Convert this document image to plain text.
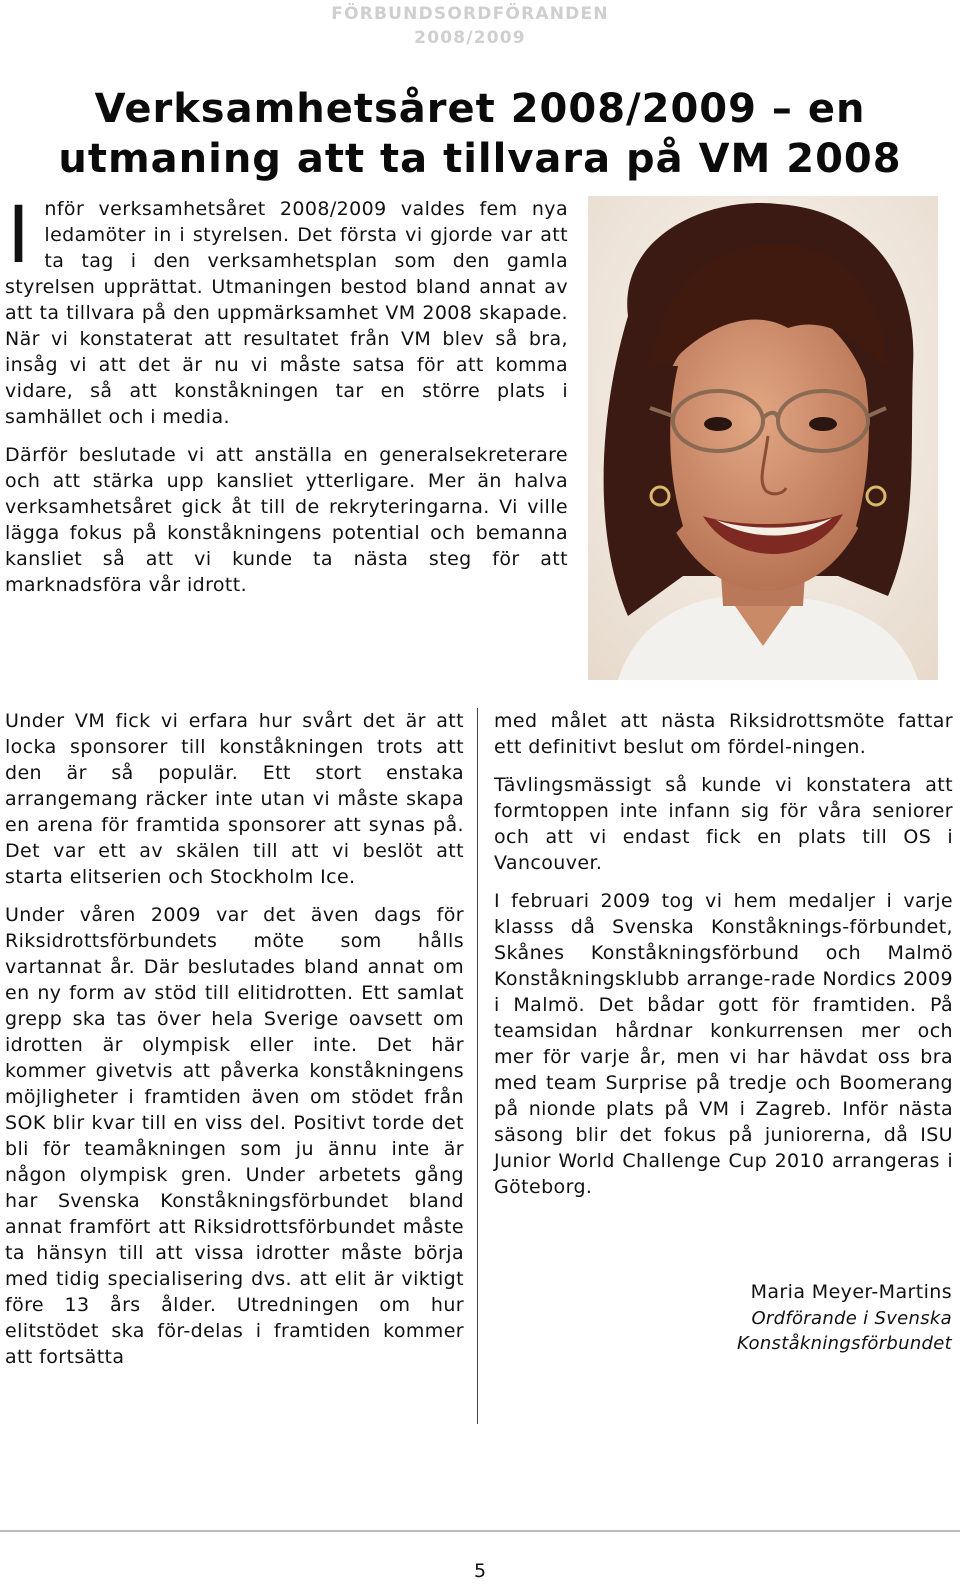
FÖRBUNDSORDFÖRANDEN
2008/2009
Verksamhetsåret 2008/2009 – en
utmaning att ta tillvara på VM 2008

Inför verksamhetsåret 2008/2009 valdes fem nya ledamöter in i styrelsen. Det första vi gjorde var att ta tag i den verksamhetsplan som den gamla styrelsen upprättat. Utmaningen bestod bland annat av att ta tillvara på den uppmärksamhet VM 2008 skapade. När vi konstaterat att resultatet från VM blev så bra, insåg vi att det är nu vi måste satsa för att komma vidare, så att konståkningen tar en större plats i samhället och i media.

Därför beslutade vi att anställa en generalsekreterare och att stärka upp kansliet ytterligare. Mer än halva verksamhetsåret gick åt till de rekryteringarna. Vi ville lägga fokus på konståkningens potential och bemanna kansliet så att vi kunde ta nästa steg för att marknadsföra vår idrott.

Under VM fick vi erfara hur svårt det är att locka sponsorer till konståkningen trots att den är så populär. Ett stort enstaka arrangemang räcker inte utan vi måste skapa en arena för framtida sponsorer att synas på. Det var ett av skälen till att vi beslöt att starta elitserien och Stockholm Ice.

Under våren 2009 var det även dags för Riksidrottsförbundets möte som hålls vartannat år. Där beslutades bland annat om en ny form av stöd till elitidrotten. Ett samlat grepp ska tas över hela Sverige oavsett om idrotten är olympisk eller inte. Det här kommer givetvis att påverka konståkningens möjligheter i framtiden även om stödet från SOK blir kvar till en viss del. Positivt torde det bli för teamåkningen som ju ännu inte är någon olympisk gren. Under arbetets gång har Svenska Konståkningsförbundet bland annat framfört att Riksidrottsförbundet måste ta hänsyn till att vissa idrotter måste börja med tidig specialisering dvs. att elit är viktigt före 13 års ålder. Utredningen om hur elitstödet ska för-delas i framtiden kommer att fortsätta

med målet att nästa Riksidrottsmöte fattar ett definitivt beslut om fördel-ningen.

Tävlingsmässigt så kunde vi konstatera att formtoppen inte infann sig för våra seniorer och att vi endast fick en plats till OS i Vancouver.

I februari 2009 tog vi hem medaljer i varje klasss då Svenska Konståknings-förbundet, Skånes Konståkningsförbund och Malmö Konståkningsklubb arrange-rade Nordics 2009 i Malmö. Det bådar gott för framtiden. På teamsidan hårdnar konkurrensen mer och mer för varje år, men vi har hävdat oss bra med team Surprise på tredje och Boomerang på nionde plats på VM i Zagreb. Inför nästa säsong blir det fokus på juniorerna, då ISU Junior World Challenge Cup 2010 arrangeras i Göteborg.

Maria Meyer-Martins
Ordförande i Svenska
Konståkningsförbundet
5
